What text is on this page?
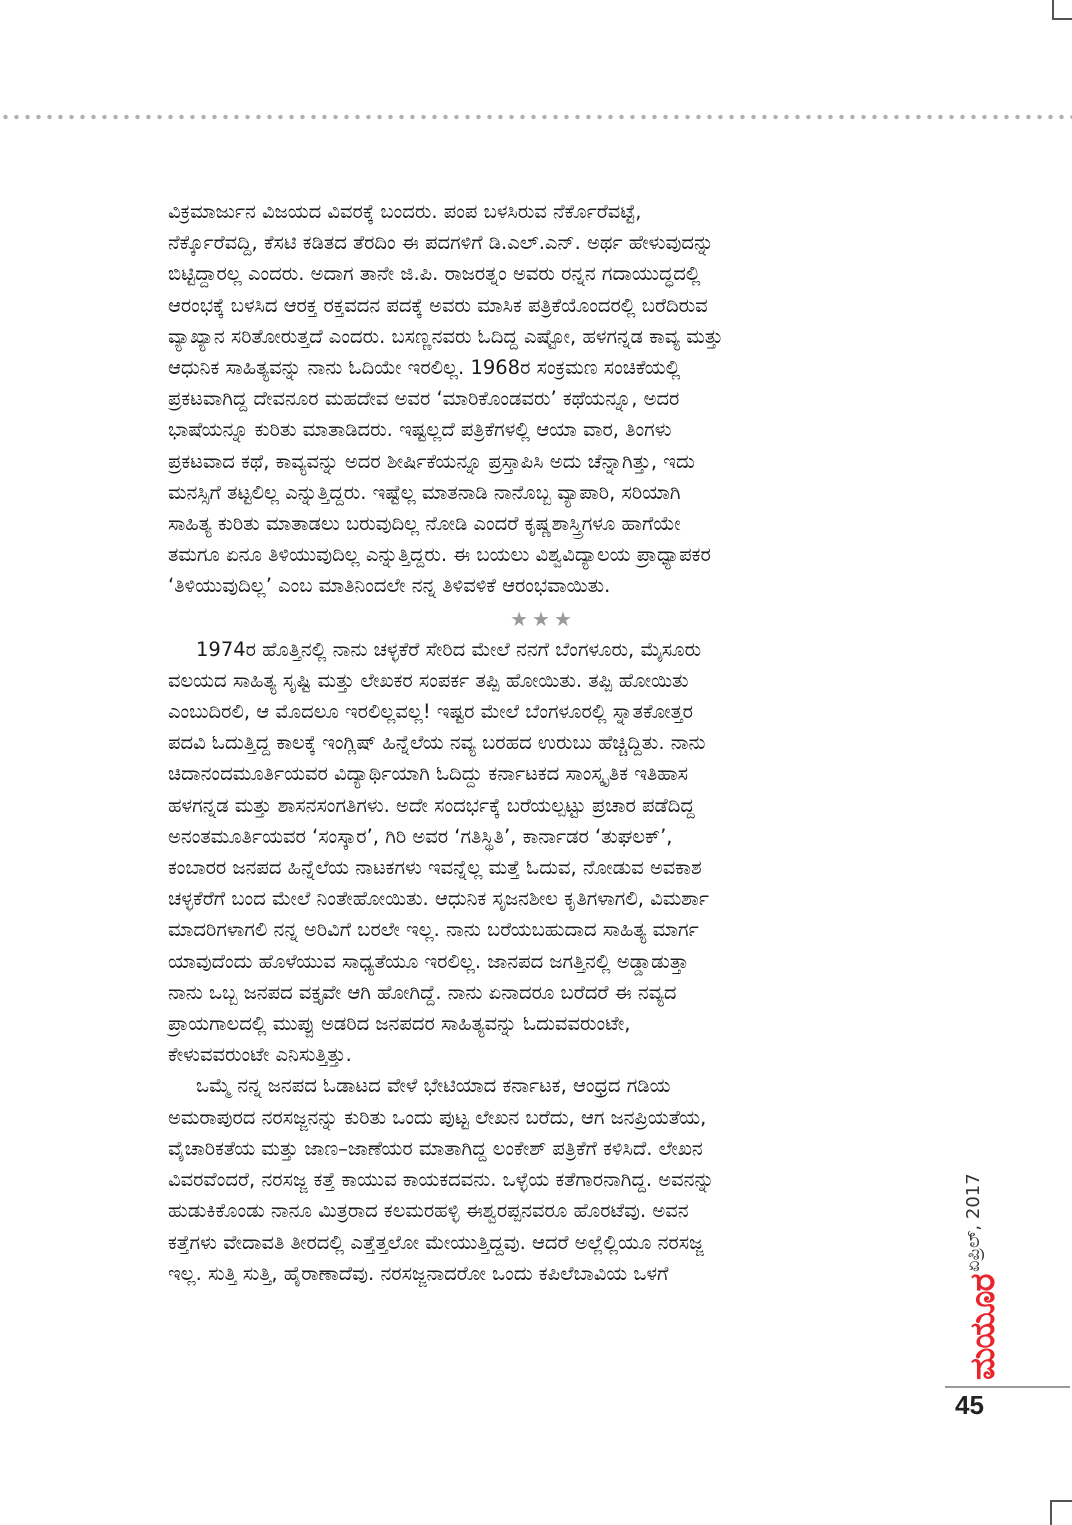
ವಿಕ್ರಮಾರ್ಜುನ ವಿಜಯದ ವಿವರಕ್ಕೆ ಬಂದರು. ಪಂಪ ಬಳಸಿರುವ ನೆರ್ಕೊರೆವಟ್ಟೆ,
ನೆರ್ಕ್ಕೊರೆವದ್ದಿ, ಕೆಸಟಿ ಕಡಿತದ ತೆರದಿಂ ಈ ಪದಗಳಿಗೆ ಡಿ.ಎಲ್.ಎನ್. ಅರ್ಥ ಹೇಳುವುದನ್ನು
ಬಿಟ್ಟಿದ್ದಾರಲ್ಲ ಎಂದರು. ಅದಾಗ ತಾನೇ ಜಿ.ಪಿ. ರಾಜರತ್ನಂ ಅವರು ರನ್ನನ ಗದಾಯುದ್ಧದಲ್ಲಿ
ಆರಂಭಕ್ಕೆ ಬಳಸಿದ ಆರಕ್ತ ರಕ್ತವದನ ಪದಕ್ಕೆ ಅವರು ಮಾಸಿಕ ಪತ್ರಿಕೆಯೊಂದರಲ್ಲಿ ಬರೆದಿರುವ
ವ್ಯಾಖ್ಯಾನ ಸರಿತೋರುತ್ತದೆ ಎಂದರು. ಬಸಣ್ಣನವರು ಓದಿದ್ದ ಎಷ್ಟೋ, ಹಳಗನ್ನಡ ಕಾವ್ಯ ಮತ್ತು
ಆಧುನಿಕ ಸಾಹಿತ್ಯವನ್ನು ನಾನು ಓದಿಯೇ ಇರಲಿಲ್ಲ. 1968ರ ಸಂಕ್ರಮಣ ಸಂಚಿಕೆಯಲ್ಲಿ
ಪ್ರಕಟವಾಗಿದ್ದ ದೇವನೂರ ಮಹದೇವ ಅವರ ‘ಮಾರಿಕೊಂಡವರು’ ಕಥೆಯನ್ನೂ, ಅದರ
ಭಾಷೆಯನ್ನೂ ಕುರಿತು ಮಾತಾಡಿದರು. ಇಷ್ಟಲ್ಲದೆ ಪತ್ರಿಕೆಗಳಲ್ಲಿ ಆಯಾ ವಾರ, ತಿಂಗಳು
ಪ್ರಕಟವಾದ ಕಥೆ, ಕಾವ್ಯವನ್ನು ಅದರ ಶೀರ್ಷಿಕೆಯನ್ನೂ ಪ್ರಸ್ತಾಪಿಸಿ ಅದು ಚೆನ್ನಾಗಿತ್ತು, ಇದು
ಮನಸ್ಸಿಗೆ ತಟ್ಟಲಿಲ್ಲ ಎನ್ನುತ್ತಿದ್ದರು. ಇಷ್ಟೆಲ್ಲ ಮಾತನಾಡಿ ನಾನೊಬ್ಬ ವ್ಯಾಪಾರಿ, ಸರಿಯಾಗಿ
ಸಾಹಿತ್ಯ ಕುರಿತು ಮಾತಾಡಲು ಬರುವುದಿಲ್ಲ ನೋಡಿ ಎಂದರೆ ಕೃಷ್ಣಶಾಸ್ತ್ರಿಗಳೂ ಹಾಗೆಯೇ
ತಮಗೂ ಏನೂ ತಿಳಿಯುವುದಿಲ್ಲ ಎನ್ನುತ್ತಿದ್ದರು. ಈ ಬಯಲು ವಿಶ್ವವಿದ್ಯಾಲಯ ಪ್ರಾಧ್ಯಾಪಕರ
‘ತಿಳಿಯುವುದಿಲ್ಲ’ ಎಂಬ ಮಾತಿನಿಂದಲೇ ನನ್ನ ತಿಳಿವಳಿಕೆ ಆರಂಭವಾಯಿತು.
★★★
1974ರ ಹೊತ್ತಿನಲ್ಲಿ ನಾನು ಚಳ್ಳಕೆರೆ ಸೇರಿದ ಮೇಲೆ ನನಗೆ ಬೆಂಗಳೂರು, ಮೈಸೂರು
ವಲಯದ ಸಾಹಿತ್ಯ ಸೃಷ್ಟಿ ಮತ್ತು ಲೇಖಕರ ಸಂಪರ್ಕ ತಪ್ಪಿ ಹೋಯಿತು. ತಪ್ಪಿ ಹೋಯಿತು
ಎಂಬುದಿರಲಿ, ಆ ಮೊದಲೂ ಇರಲಿಲ್ಲವಲ್ಲ! ಇಷ್ಟರ ಮೇಲೆ ಬೆಂಗಳೂರಲ್ಲಿ ಸ್ನಾತಕೋತ್ತರ
ಪದವಿ ಓದುತ್ತಿದ್ದ ಕಾಲಕ್ಕೆ ಇಂಗ್ಲಿಷ್ ಹಿನ್ನೆಲೆಯ ನವ್ಯ ಬರಹದ ಉರುಬು ಹೆಚ್ಚಿದ್ದಿತು. ನಾನು
ಚಿದಾನಂದಮೂರ್ತಿಯವರ ವಿದ್ಯಾರ್ಥಿಯಾಗಿ ಓದಿದ್ದು ಕರ್ನಾಟಕದ ಸಾಂಸ್ಕೃತಿಕ ಇತಿಹಾಸ
ಹಳಗನ್ನಡ ಮತ್ತು ಶಾಸನಸಂಗತಿಗಳು. ಅದೇ ಸಂದರ್ಭಕ್ಕೆ ಬರೆಯಲ್ಪಟ್ಟು ಪ್ರಚಾರ ಪಡೆದಿದ್ದ
ಅನಂತಮೂರ್ತಿಯವರ ‘ಸಂಸ್ಕಾರ’, ಗಿರಿ ಅವರ ‘ಗತಿಸ್ಥಿತಿ’, ಕಾರ್ನಾಡರ ‘ತುಘಲಕ್’,
ಕಂಬಾರರ ಜನಪದ ಹಿನ್ನೆಲೆಯ ನಾಟಕಗಳು ಇವನ್ನೆಲ್ಲ ಮತ್ತೆ ಓದುವ, ನೋಡುವ ಅವಕಾಶ
ಚಳ್ಳಕೆರೆಗೆ ಬಂದ ಮೇಲೆ ನಿಂತೇಹೋಯಿತು. ಆಧುನಿಕ ಸೃಜನಶೀಲ ಕೃತಿಗಳಾಗಲಿ, ವಿಮರ್ಶಾ
ಮಾದರಿಗಳಾಗಲಿ ನನ್ನ ಅರಿವಿಗೆ ಬರಲೇ ಇಲ್ಲ. ನಾನು ಬರೆಯಬಹುದಾದ ಸಾಹಿತ್ಯ ಮಾರ್ಗ
ಯಾವುದೆಂದು ಹೊಳೆಯುವ ಸಾಧ್ಯತೆಯೂ ಇರಲಿಲ್ಲ. ಜಾನಪದ ಜಗತ್ತಿನಲ್ಲಿ ಅಡ್ಡಾಡುತ್ತಾ
ನಾನು ಒಬ್ಬ ಜನಪದ ವಕ್ತೃವೇ ಆಗಿ ಹೋಗಿದ್ದೆ. ನಾನು ಏನಾದರೂ ಬರೆದರೆ ಈ ನವ್ಯದ
ಪ್ರಾಯಗಾಲದಲ್ಲಿ ಮುಪ್ಪು ಅಡರಿದ ಜನಪದರ ಸಾಹಿತ್ಯವನ್ನು ಓದುವವರುಂಟೇ,
ಕೇಳುವವರುಂಟೇ ಎನಿಸುತ್ತಿತ್ತು.
ಒಮ್ಮೆ ನನ್ನ ಜನಪದ ಓಡಾಟದ ವೇಳೆ ಭೇಟಿಯಾದ ಕರ್ನಾಟಕ, ಆಂಧ್ರದ ಗಡಿಯ
ಅಮರಾಪುರದ ನರಸಜ್ಜನನ್ನು ಕುರಿತು ಒಂದು ಪುಟ್ಟ ಲೇಖನ ಬರೆದು, ಆಗ ಜನಪ್ರಿಯತೆಯ,
ವೈಚಾರಿಕತೆಯ ಮತ್ತು ಜಾಣ–ಜಾಣೆಯರ ಮಾತಾಗಿದ್ದ ಲಂಕೇಶ್ ಪತ್ರಿಕೆಗೆ ಕಳಿಸಿದೆ. ಲೇಖನ
ವಿವರವೆಂದರೆ, ನರಸಜ್ಜ ಕತ್ತೆ ಕಾಯುವ ಕಾಯಕದವನು. ಒಳ್ಳೆಯ ಕತೆಗಾರನಾಗಿದ್ದ. ಅವನನ್ನು
ಹುಡುಕಿಕೊಂಡು ನಾನೂ ಮಿತ್ರರಾದ ಕಲಮರಹಳ್ಳಿ ಈಶ್ವರಪ್ಪನವರೂ ಹೊರಟೆವು. ಅವನ
ಕತ್ತೆಗಳು ವೇದಾವತಿ ತೀರದಲ್ಲಿ ಎತ್ತೆತ್ತಲೋ ಮೇಯುತ್ತಿದ್ದವು. ಆದರೆ ಅಲ್ಲೆಲ್ಲಿಯೂ ನರಸಜ್ಜ
ಇಲ್ಲ. ಸುತ್ತಿ ಸುತ್ತಿ, ಹೈರಾಣಾದೆವು. ನರಸಜ್ಜನಾದರೋ ಒಂದು ಕಪಿಲೆಬಾವಿಯ ಒಳಗೆ
ಏಪ್ರಿಲ್, 2017
ಮಯೂರ
45
